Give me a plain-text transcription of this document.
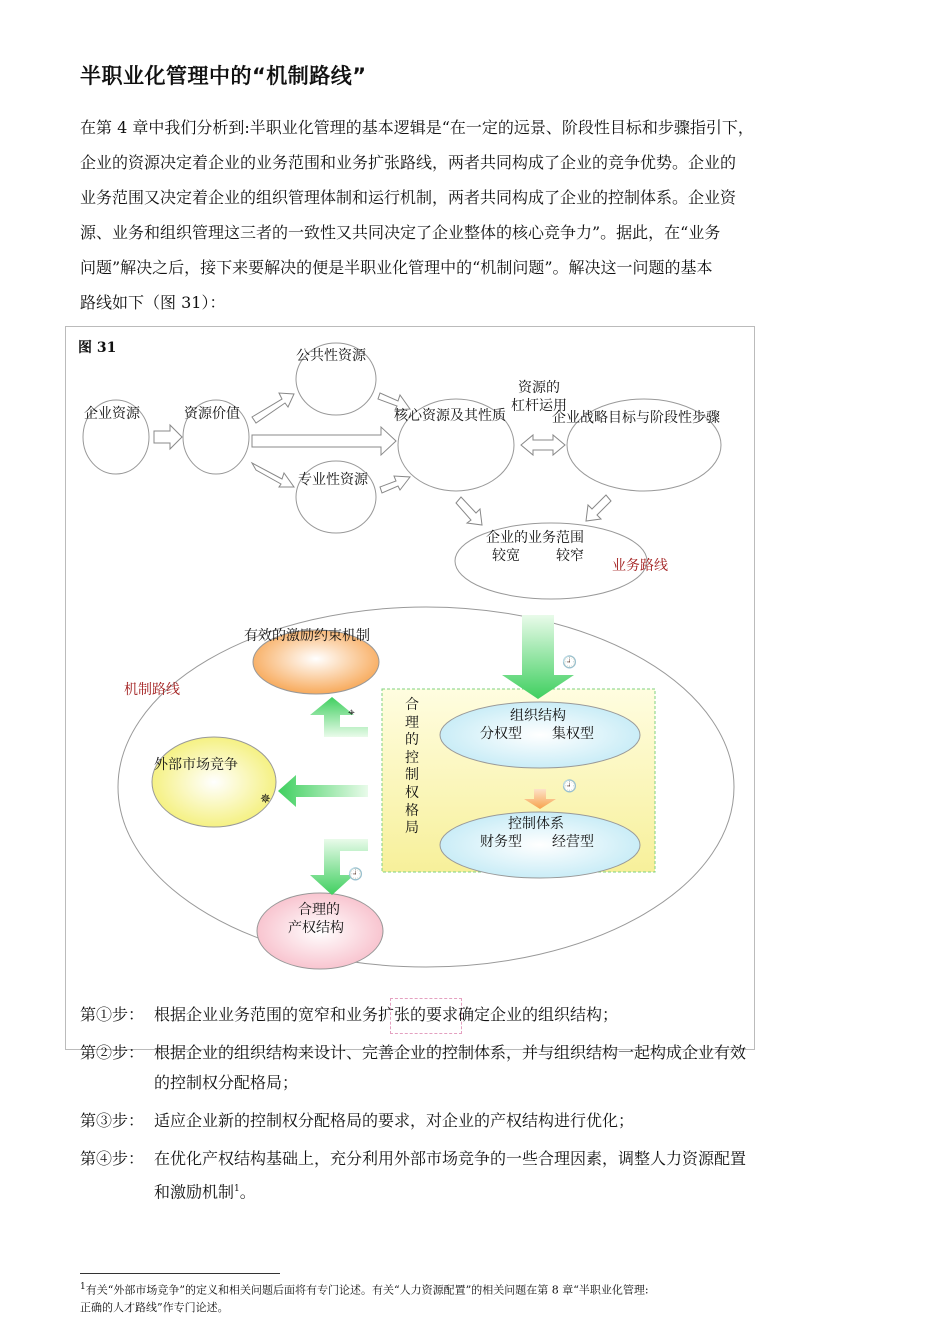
半职业化管理中的“机制路线”

在第 4 章中我们分析到:半职业化管理的基本逻辑是“在一定的远景、阶段性目标和步骤指引下，

企业的资源决定着企业的业务范围和业务扩张路线，两者共同构成了企业的竞争优势。企业的

业务范围又决定着企业的组织管理体制和运行机制，两者共同构成了企业的控制体系。企业资

源、业务和组织管理这三者的一致性又共同决定了企业整体的核心竞争力”。据此，在“业务

问题”解决之后，接下来要解决的便是半职业化管理中的“机制问题”。解决这一问题的基本

路线如下（图 31）：

图 31	公共性资源
企业资源	资源价值
资源的
杠杆运用
核心资源及其性质	企业战略目标与阶段性步骤
专业性资源
企业的业务范围
较宽	较窄
业务路线
有效的激励约束机制
机制路线
合
理
的
控
制
权
格
局
组织结构
分权型 集权型
外部市场竞争
控制体系
财务型 经营型
合理的
产权结构
🕘
🕘
🕘
⌖
✵
第①步： 根据企业业务范围的宽窄和业务扩张的要求确定企业的组织结构；
第②步： 根据企业的组织结构来设计、完善企业的控制体系，并与组织结构一起构成企业有效
的控制权分配格局；
第③步： 适应企业新的控制权分配格局的要求，对企业的产权结构进行优化；
第④步： 在优化产权结构基础上，充分利用外部市场竞争的一些合理因素，调整人力资源配置
和激励机制$^1$。

$^1$有关“外部市场竞争”的定义和相关问题后面将有专门论述。有关“人力资源配置”的相关问题在第 8 章“半职业化管理:

正确的人才路线”作专门论述。
